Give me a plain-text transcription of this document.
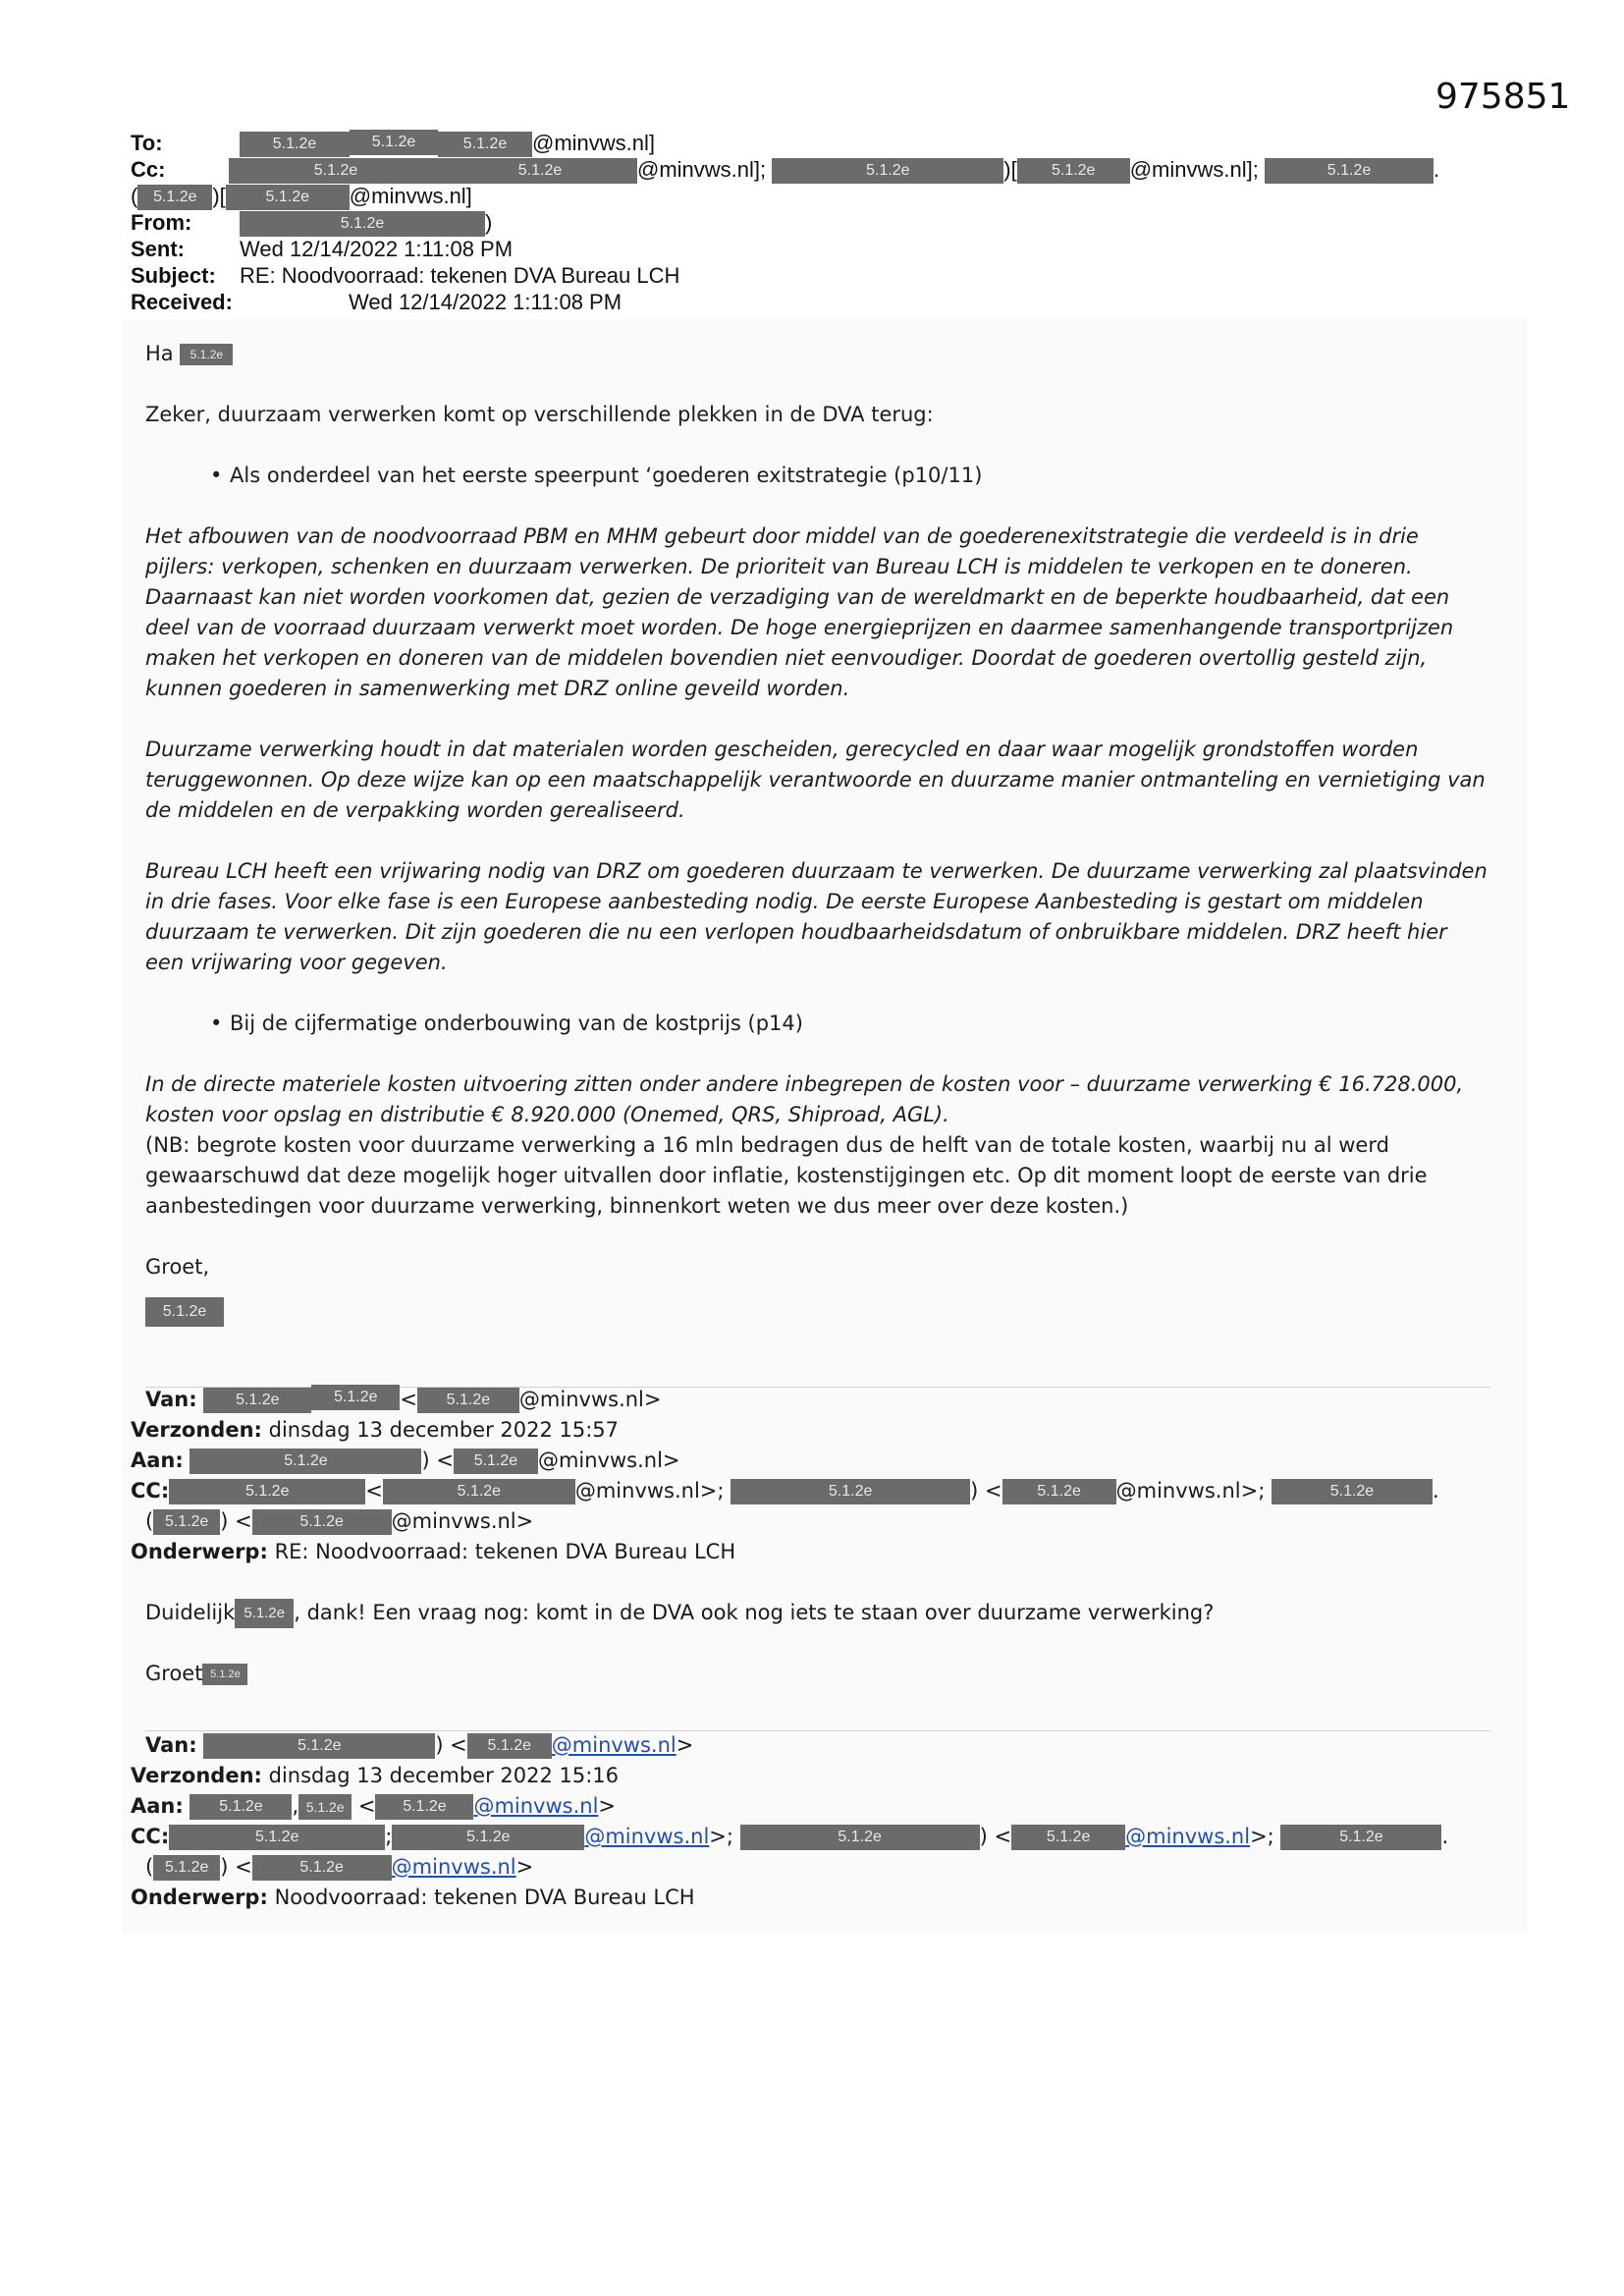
975851
To:	5.1.2e	5.1.2e	5.1.2e @minvws.nl]
Cc:	5.1.2e	5.1.2e	@minvws.nl];	5.1.2e	)[ 5.1.2e @minvws.nl];	5.1.2e	.
( 5.1.2e )[	5.1.2e @minvws.nl]
From:	5.1.2e	)
Sent:	Wed 12/14/2022 1:11:08 PM
Subject: RE: Noodvoorraad: tekenen DVA Bureau LCH
Received:	Wed 12/14/2022 1:11:08 PM

Ha 5.1.2e

Zeker, duurzaam verwerken komt op verschillende plekken in de DVA terug:

• Als onderdeel van het eerste speerpunt ‘goederen exitstrategie (p10/11)

Het afbouwen van de noodvoorraad PBM en MHM gebeurt door middel van de goederenexitstrategie die verdeeld is in drie pijlers: verkopen, schenken en duurzaam verwerken. De prioriteit van Bureau LCH is middelen te verkopen en te doneren. Daarnaast kan niet worden voorkomen dat, gezien de verzadiging van de wereldmarkt en de beperkte houdbaarheid, dat een deel van de voorraad duurzaam verwerkt moet worden. De hoge energieprijzen en daarmee samenhangende transportprijzen maken het verkopen en doneren van de middelen bovendien niet eenvoudiger. Doordat de goederen overtollig gesteld zijn, kunnen goederen in samenwerking met DRZ online geveild worden.

Duurzame verwerking houdt in dat materialen worden gescheiden, gerecycled en daar waar mogelijk grondstoffen worden teruggewonnen. Op deze wijze kan op een maatschappelijk verantwoorde en duurzame manier ontmanteling en vernietiging van de middelen en de verpakking worden gerealiseerd.

Bureau LCH heeft een vrijwaring nodig van DRZ om goederen duurzaam te verwerken. De duurzame verwerking zal plaatsvinden in drie fases. Voor elke fase is een Europese aanbesteding nodig. De eerste Europese Aanbesteding is gestart om middelen duurzaam te verwerken. Dit zijn goederen die nu een verlopen houdbaarheidsdatum of onbruikbare middelen. DRZ heeft hier een vrijwaring voor gegeven.

• Bij de cijfermatige onderbouwing van de kostprijs (p14)

In de directe materiele kosten uitvoering zitten onder andere inbegrepen de kosten voor – duurzame verwerking € 16.728.000, kosten voor opslag en distributie € 8.920.000 (Onemed, QRS, Shiproad, AGL).

(NB: begrote kosten voor duurzame verwerking a 16 mln bedragen dus de helft van de totale kosten, waarbij nu al werd gewaarschuwd dat deze mogelijk hoger uitvallen door inflatie, kostenstijgingen etc. Op dit moment loopt de eerste van drie aanbestedingen voor duurzame verwerking, binnenkort weten we dus meer over deze kosten.)

Groet,

5.1.2e

Van: 5.1.2e	5.1.2e < 5.1.2e @minvws.nl>
Verzonden: dinsdag 13 december 2022 15:57
Aan:	5.1.2e	) < 5.1.2e @minvws.nl>
CC:	5.1.2e	<	5.1.2e	@minvws.nl>;	5.1.2e	) < 5.1.2e @minvws.nl>;	5.1.2e	.
( 5.1.2e ) <	5.1.2e @minvws.nl>
Onderwerp: RE: Noodvoorraad: tekenen DVA Bureau LCH
Duidelijk 5.1.2e , dank! Een vraag nog: komt in de DVA ook nog iets te staan over duurzame verwerking?
Groet 5.1.2e
Van:	5.1.2e	) < 5.1.2e @minvws.nl>
Verzonden: dinsdag 13 december 2022 15:16
Aan: 5.1.2e , 5.1.2e < 5.1.2e @minvws.nl>
CC:	5.1.2e	;	5.1.2e	@minvws.nl>;	5.1.2e	) < 5.1.2e @minvws.nl>;	5.1.2e	.
( 5.1.2e ) <	5.1.2e @minvws.nl>
Onderwerp: Noodvoorraad: tekenen DVA Bureau LCH
